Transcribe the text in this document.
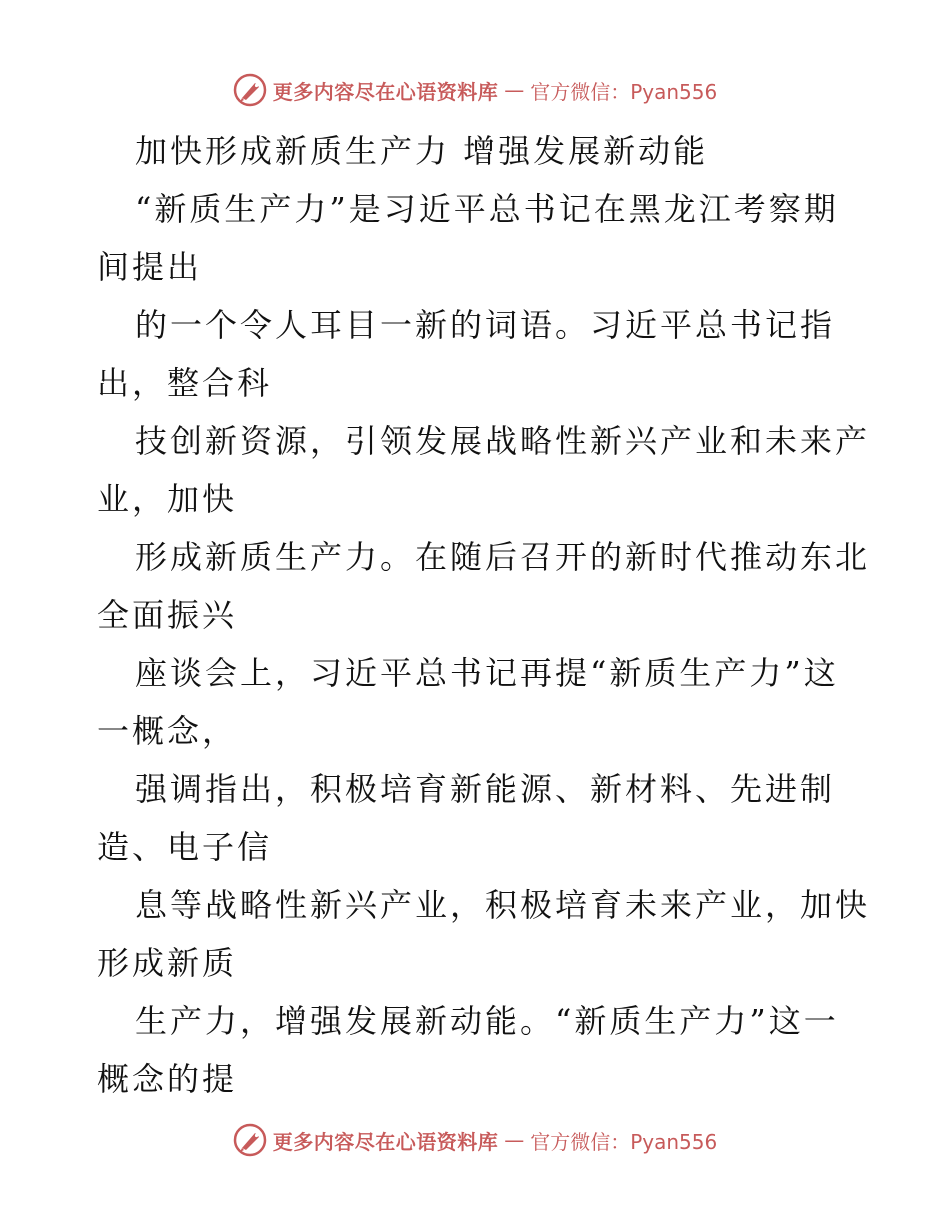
更多内容尽在心语资料库 — 官方微信：Pyan556
加快形成新质生产力 增强发展新动能
“新质生产力”是习近平总书记在黑龙江考察期
间提出
的一个令人耳目一新的词语。习近平总书记指
出，整合科
技创新资源，引领发展战略性新兴产业和未来产
业，加快
形成新质生产力。在随后召开的新时代推动东北
全面振兴
座谈会上，习近平总书记再提“新质生产力”这
一概念，
强调指出，积极培育新能源、新材料、先进制
造、电子信
息等战略性新兴产业，积极培育未来产业，加快
形成新质
生产力，增强发展新动能。“新质生产力”这一
概念的提
更多内容尽在心语资料库 — 官方微信：Pyan556
